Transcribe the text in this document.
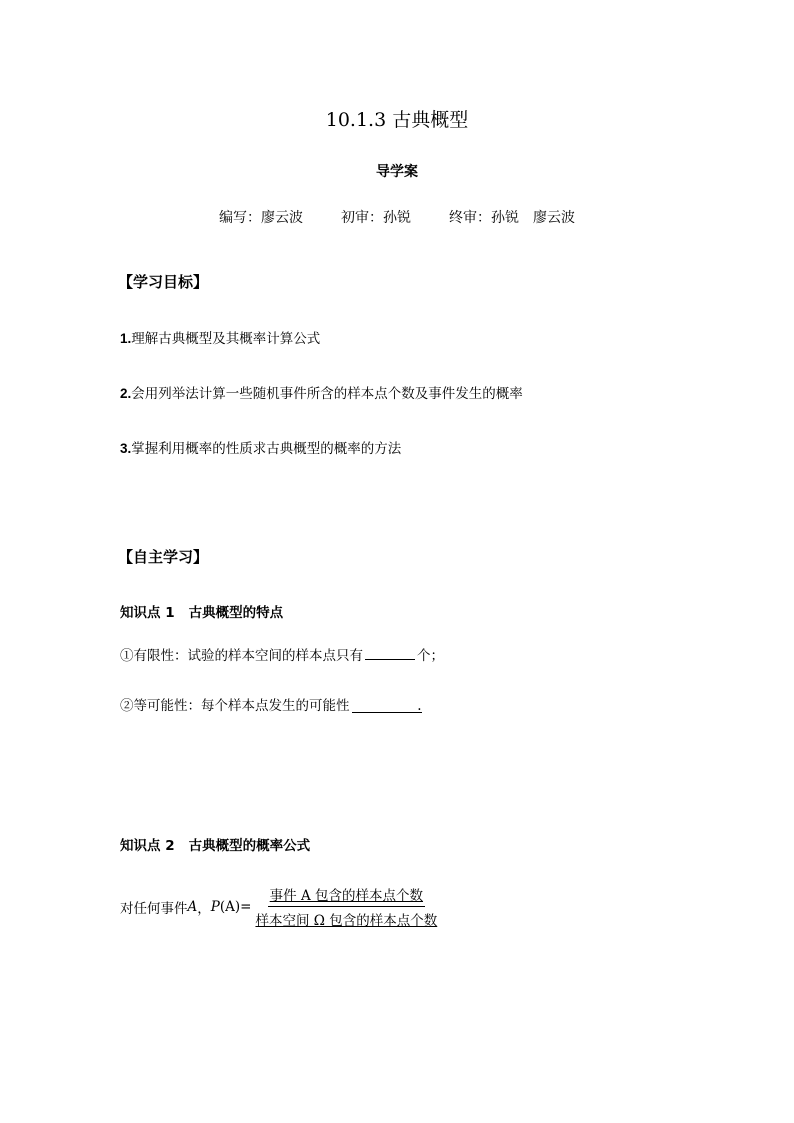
10.1.3 古典概型
导学案
编写：廖云波	初审：孙锐	终审：孙锐 廖云波
【学习目标】
1.理解古典概型及其概率计算公式
2.会用列举法计算一些随机事件所含的样本点个数及事件发生的概率
3.掌握利用概率的性质求古典概型的概率的方法
【自主学习】
知识点 1 古典概型的特点
①有限性：试验的样本空间的样本点只有	个；
②等可能性：每个样本点发生的可能性	.
知识点 2 古典概型的概率公式
对任何事件 A ， P $(A)= \frac{\text{事件 A 包含的样本点个数}}{\text{样本空间 Ω 包含的样本点个数}}$
